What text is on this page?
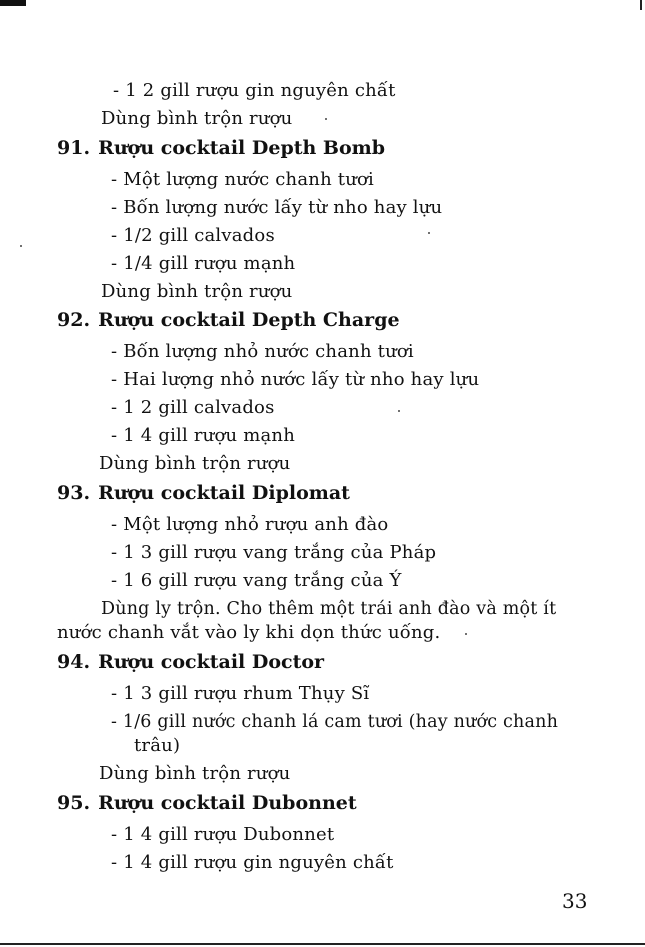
- 1 2 gill rượu gin nguyên chất
Dùng bình trộn rượu
91. Rượu cocktail Depth Bomb
- Một lượng nước chanh tươi
- Bốn lượng nước lấy từ nho hay lựu
- 1/2 gill calvados
- 1/4 gill rượu mạnh
Dùng bình trộn rượu
92. Rượu cocktail Depth Charge
- Bốn lượng nhỏ nước chanh tươi
- Hai lượng nhỏ nước lấy từ nho hay lựu
- 1 2 gill calvados
- 1 4 gill rượu mạnh
Dùng bình trộn rượu
93. Rượu cocktail Diplomat
- Một lượng nhỏ rượu anh đào
- 1 3 gill rượu vang trắng của Pháp
- 1 6 gill rượu vang trắng của Ý
Dùng ly trộn. Cho thêm một trái anh đào và một ít
nước chanh vắt vào ly khi dọn thức uống.
94. Rượu cocktail Doctor
- 1 3 gill rượu rhum Thụy Sĩ
- 1/6 gill nước chanh lá cam tươi (hay nước chanh
trâu)
Dùng bình trộn rượu
95. Rượu cocktail Dubonnet
- 1 4 gill rượu Dubonnet
- 1 4 gill rượu gin nguyên chất
33
